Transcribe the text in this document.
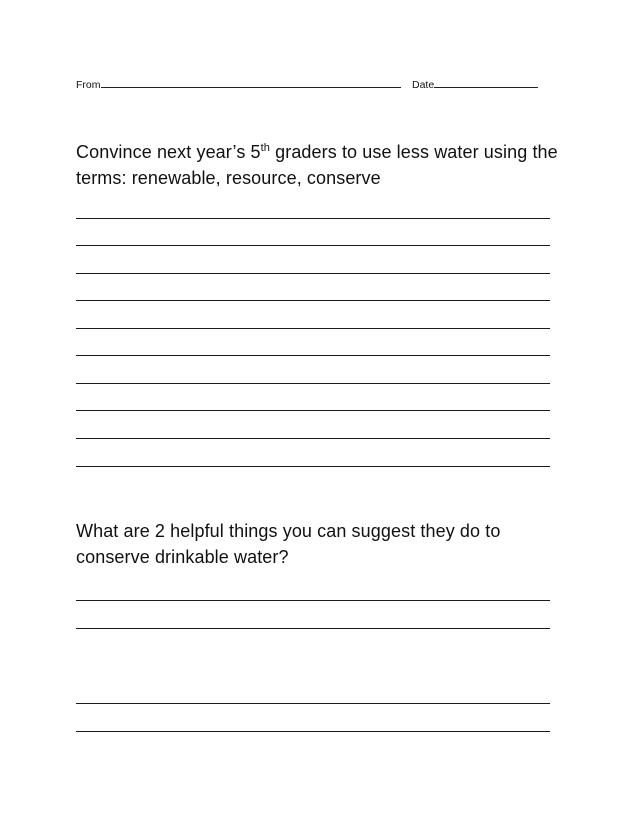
From	Date
Convince next year’s 5th graders to use less water using the terms: renewable, resource, conserve
What are 2 helpful things you can suggest they do to conserve drinkable water?
